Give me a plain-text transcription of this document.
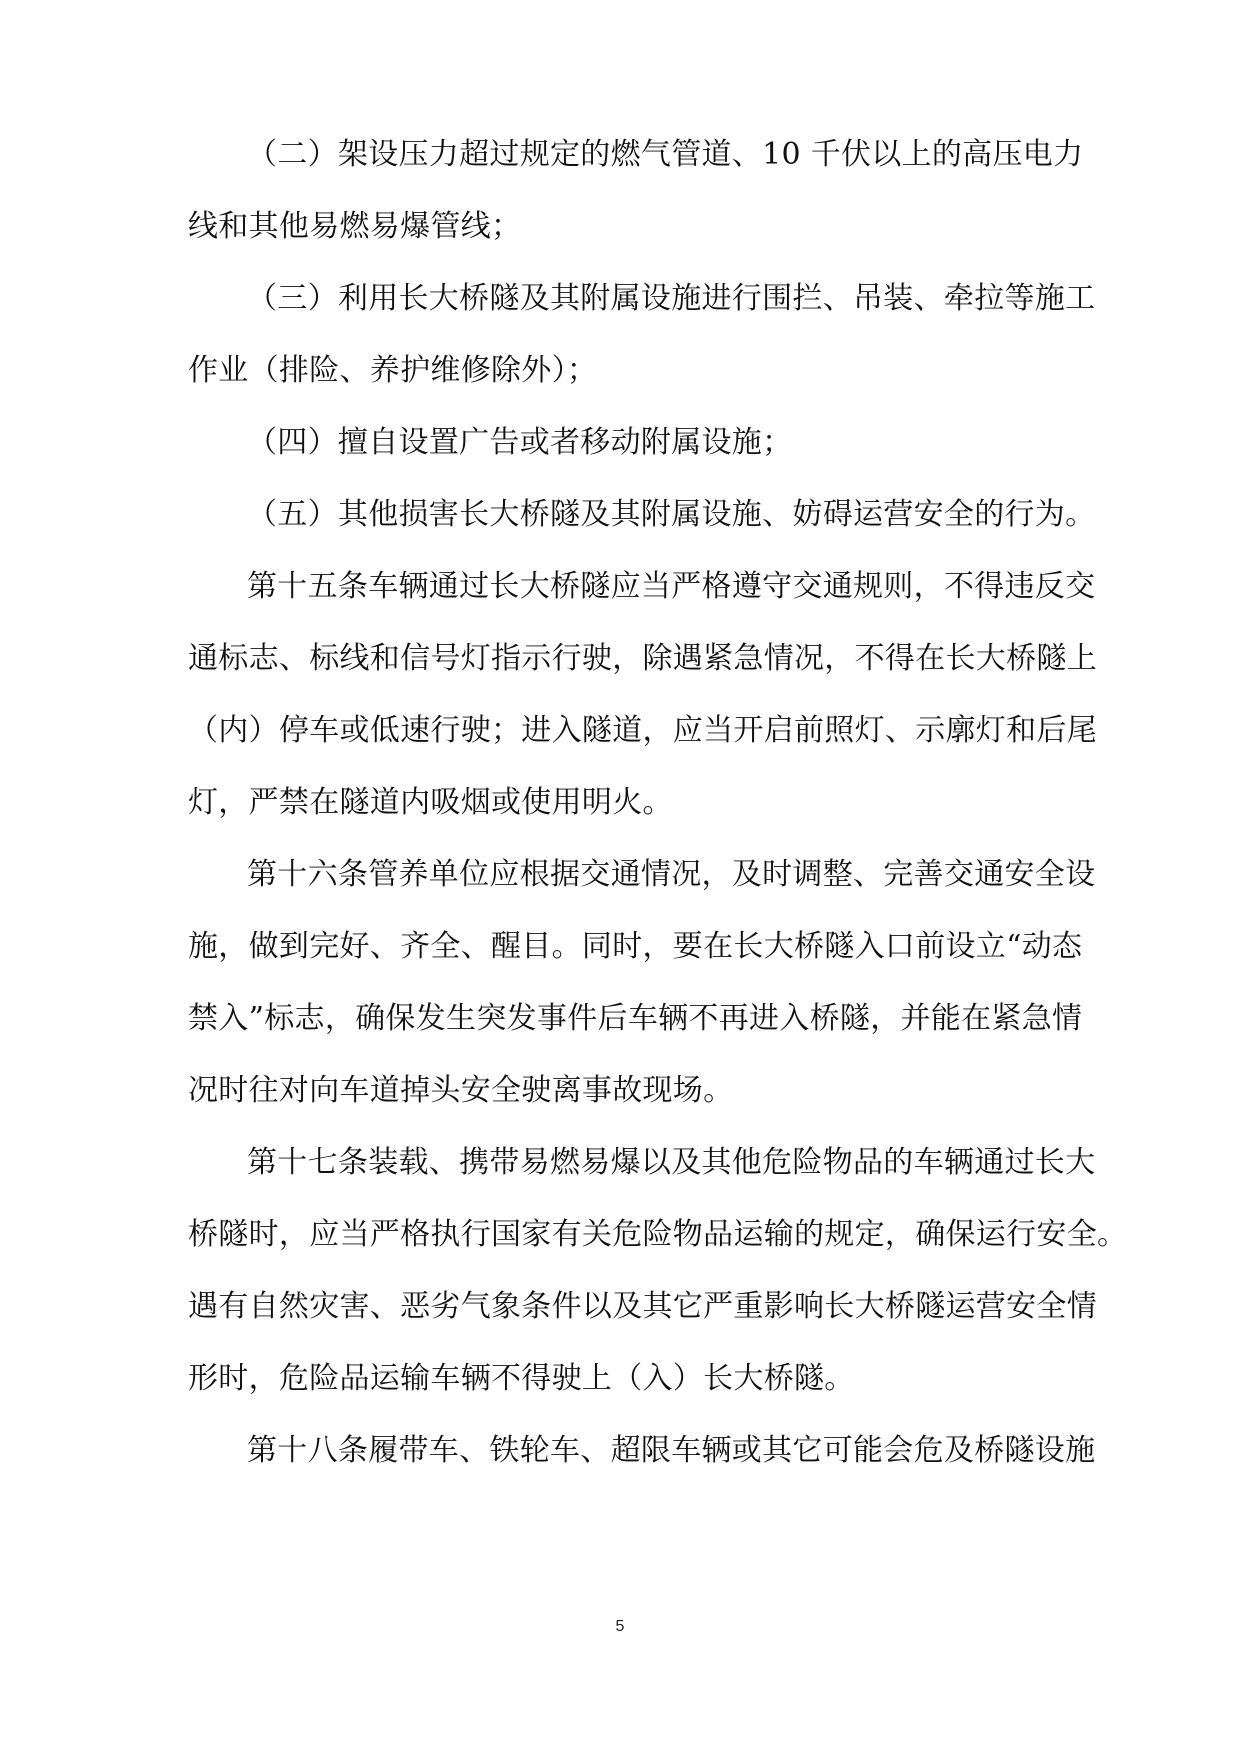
（二）架设压力超过规定的燃气管道、10 千伏以上的高压电力
线和其他易燃易爆管线；
（三）利用长大桥隧及其附属设施进行围拦、吊装、牵拉等施工
作业（排险、养护维修除外）；
（四）擅自设置广告或者移动附属设施；
（五）其他损害长大桥隧及其附属设施、妨碍运营安全的行为。
第十五条车辆通过长大桥隧应当严格遵守交通规则，不得违反交
通标志、标线和信号灯指示行驶，除遇紧急情况，不得在长大桥隧上
（内）停车或低速行驶；进入隧道，应当开启前照灯、示廓灯和后尾
灯，严禁在隧道内吸烟或使用明火。
第十六条管养单位应根据交通情况，及时调整、完善交通安全设
施，做到完好、齐全、醒目。同时，要在长大桥隧入口前设立“动态
禁入”标志，确保发生突发事件后车辆不再进入桥隧，并能在紧急情
况时往对向车道掉头安全驶离事故现场。
第十七条装载、携带易燃易爆以及其他危险物品的车辆通过长大
桥隧时，应当严格执行国家有关危险物品运输的规定，确保运行安全。
遇有自然灾害、恶劣气象条件以及其它严重影响长大桥隧运营安全情
形时，危险品运输车辆不得驶上（入）长大桥隧。
第十八条履带车、铁轮车、超限车辆或其它可能会危及桥隧设施
5
